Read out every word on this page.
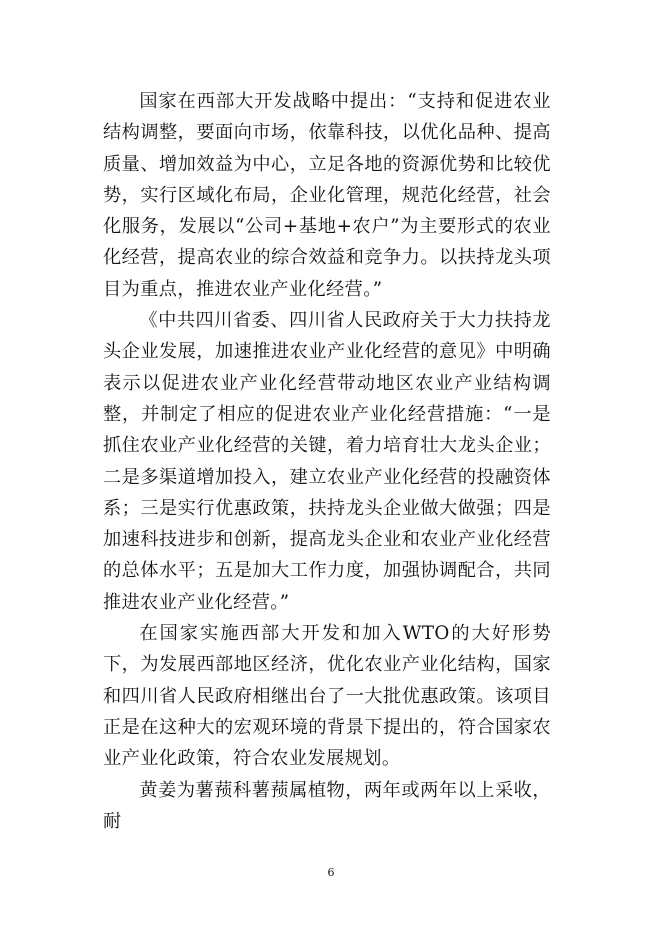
国家在西部大开发战略中提出：“支持和促进农业结构调整，要面向市场，依靠科技，以优化品种、提高质量、增加效益为中心，立足各地的资源优势和比较优势，实行区域化布局，企业化管理，规范化经营，社会化服务，发展以“公司+基地+农户”为主要形式的农业化经营，提高农业的综合效益和竞争力。以扶持龙头项目为重点，推进农业产业化经营。”

《中共四川省委、四川省人民政府关于大力扶持龙头企业发展，加速推进农业产业化经营的意见》中明确表示以促进农业产业化经营带动地区农业产业结构调整，并制定了相应的促进农业产业化经营措施：“一是抓住农业产业化经营的关键，着力培育壮大龙头企业；二是多渠道增加投入，建立农业产业化经营的投融资体系；三是实行优惠政策，扶持龙头企业做大做强；四是加速科技进步和创新，提高龙头企业和农业产业化经营的总体水平；五是加大工作力度，加强协调配合，共同推进农业产业化经营。”

在国家实施西部大开发和加入WTO的大好形势下，为发展西部地区经济，优化农业产业化结构，国家和四川省人民政府相继出台了一大批优惠政策。该项目正是在这种大的宏观环境的背景下提出的，符合国家农业产业化政策，符合农业发展规划。

黄姜为薯蓣科薯蓣属植物，两年或两年以上采收，耐

6
